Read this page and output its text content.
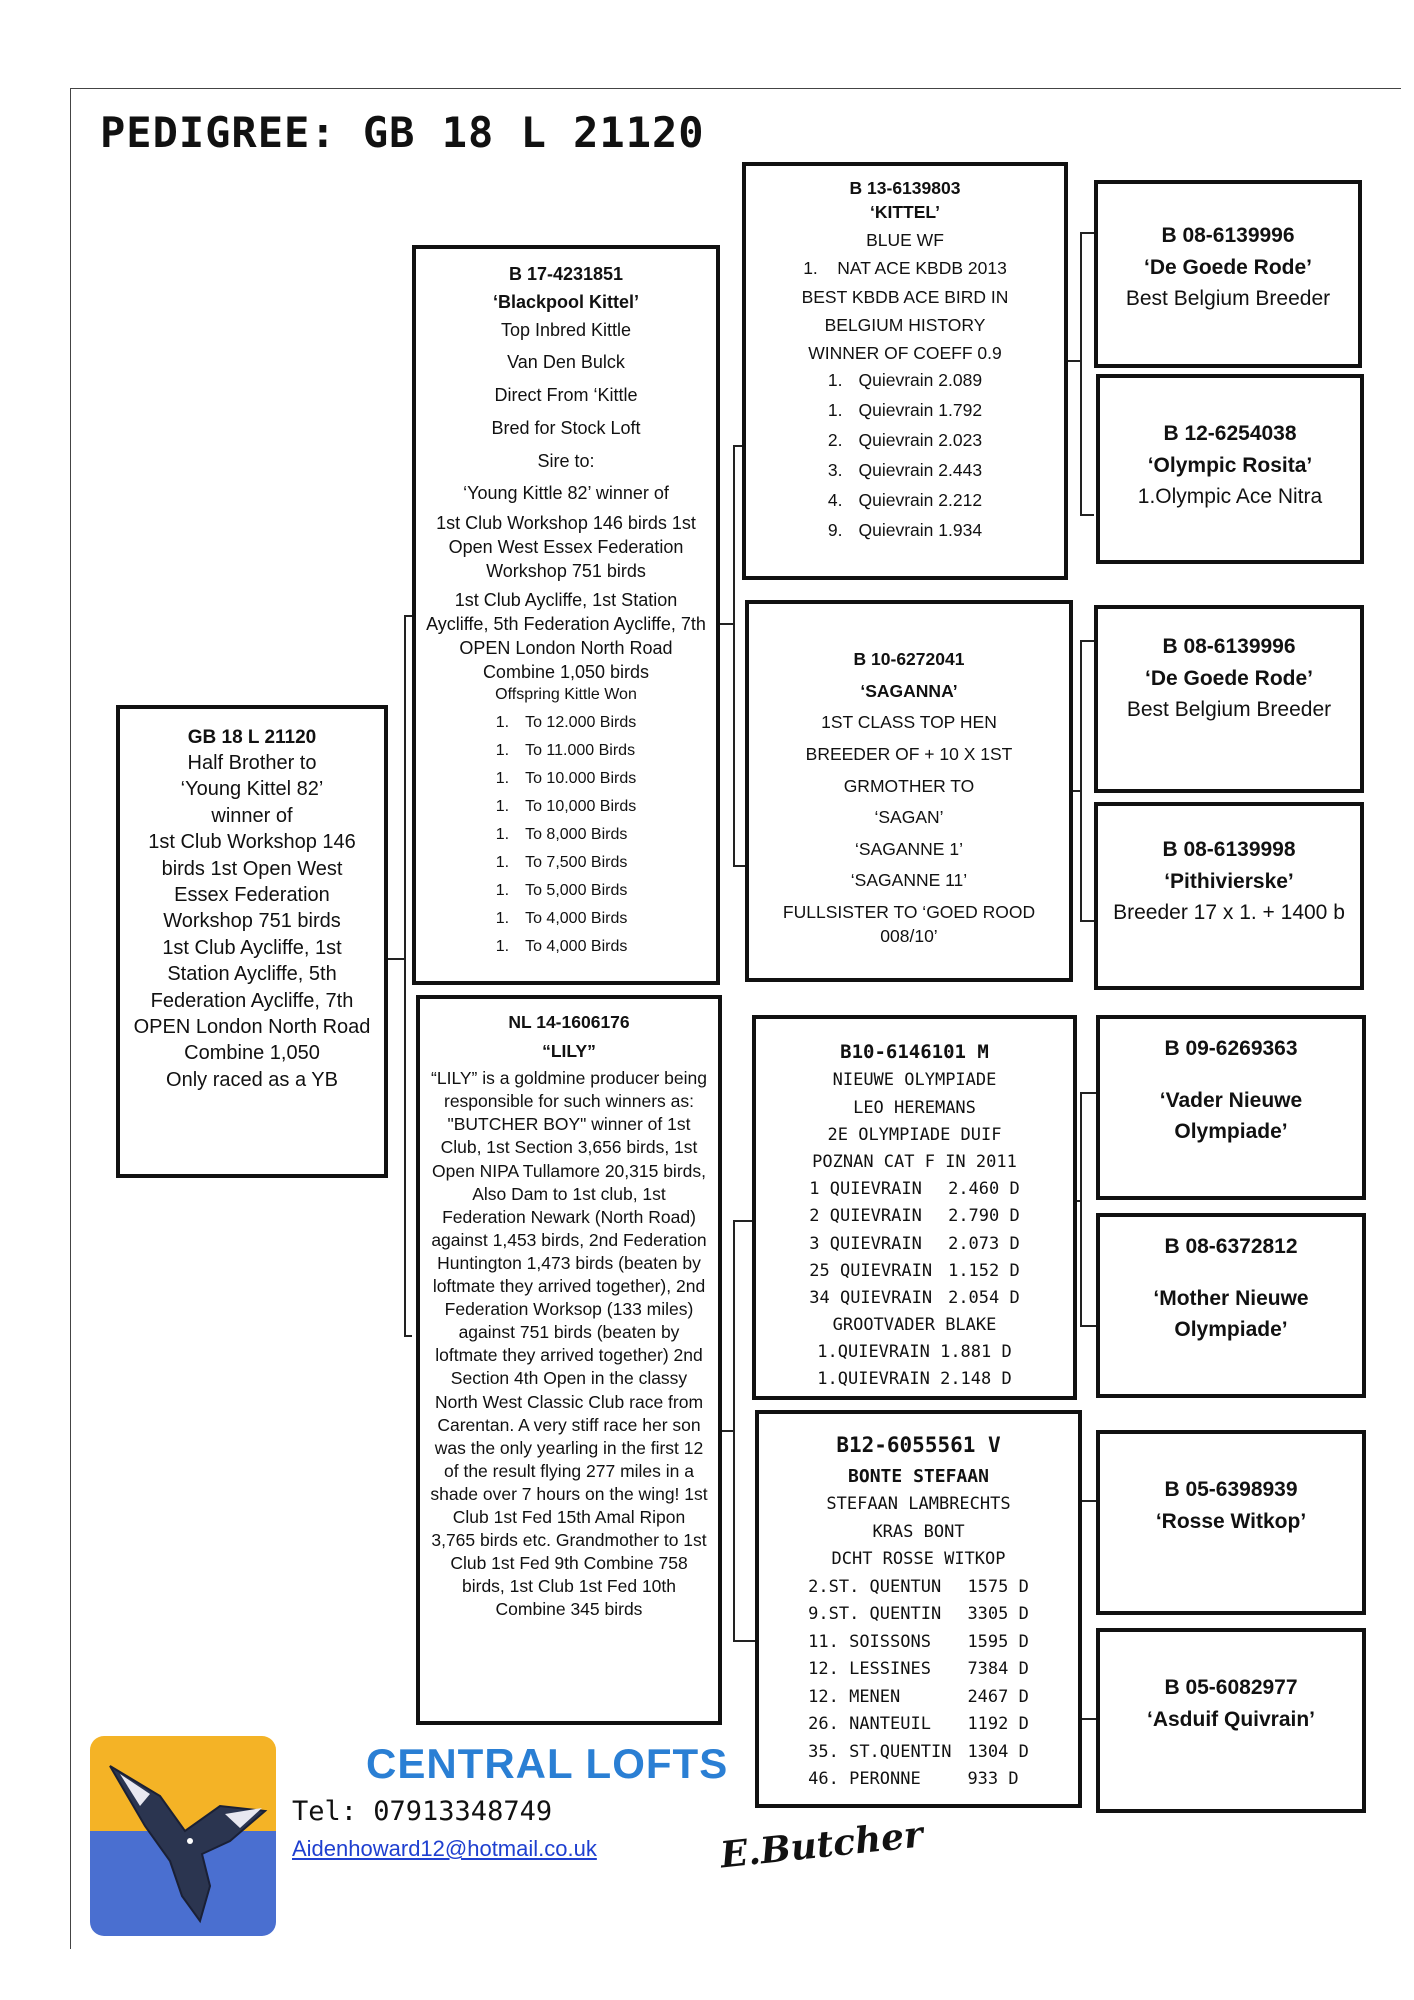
PEDIGREE: GB 18 L 21120
GB 18 L 21120
Half Brother to
‘Young Kittel 82’
winner of
1st Club Workshop 146 birds 1st Open West Essex Federation Workshop 751 birds
1st Club Aycliffe, 1st Station Aycliffe, 5th Federation Aycliffe, 7th OPEN London North Road Combine 1,050
Only raced as a YB
B 17-4231851
‘Blackpool Kittel’
Top Inbred Kittle
Van Den Bulck
Direct From ‘Kittle
Bred for Stock Loft
Sire to:
‘Young Kittle 82’ winner of
1st Club Workshop 146 birds 1st Open West Essex Federation Workshop 751 birds
1st Club Aycliffe, 1st Station Aycliffe, 5th Federation Aycliffe, 7th OPEN London North Road Combine 1,050 birds
Offspring Kittle Won
1.	To 12.000 Birds
1.	To 11.000 Birds
1.	To 10.000 Birds
1.	To 10,000 Birds
1.	To 8,000 Birds
1.	To 7,500 Birds
1.	To 5,000 Birds
1.	To 4,000 Birds
1.	To 4,000 Birds
NL 14-1606176
“LILY”
“LILY” is a goldmine producer being responsible for such winners as: "BUTCHER BOY" winner of 1st Club, 1st Section 3,656 birds, 1st Open NIPA Tullamore 20,315 birds, Also Dam to 1st club, 1st Federation Newark (North Road) against 1,453 birds, 2nd Federation Huntington 1,473 birds (beaten by loftmate they arrived together), 2nd Federation Worksop (133 miles) against 751 birds (beaten by loftmate they arrived together) 2nd Section 4th Open in the classy North West Classic Club race from Carentan. A very stiff race her son was the only yearling in the first 12 of the result flying 277 miles in a shade over 7 hours on the wing! 1st Club 1st Fed 15th Amal Ripon 3,765 birds etc. Grandmother to 1st Club 1st Fed 9th Combine 758 birds, 1st Club 1st Fed 10th Combine 345 birds
B 13-6139803
‘KITTEL’
BLUE WF
1.    NAT ACE KBDB 2013
BEST KBDB ACE BIRD IN
BELGIUM HISTORY
WINNER OF COEFF 0.9
1.	Quievrain 2.089
1.	Quievrain 1.792
2.	Quievrain 2.023
3.	Quievrain 2.443
4.	Quievrain 2.212
9.	Quievrain 1.934
B 10-6272041
‘SAGANNA’
1ST CLASS TOP HEN
BREEDER OF + 10 X 1ST
GRMOTHER TO
‘SAGAN’
‘SAGANNE 1’
‘SAGANNE 11’
FULLSISTER TO ‘GOED ROOD 008/10’
B10-6146101 M
NIEUWE OLYMPIADE
LEO HEREMANS
2E OLYMPIADE DUIF
POZNAN CAT F IN 2011
1 QUIEVRAIN	2.460 D
2 QUIEVRAIN	2.790 D
3 QUIEVRAIN	2.073 D
25 QUIEVRAIN	1.152 D
34 QUIEVRAIN	2.054 D
GROOTVADER BLAKE
1.QUIEVRAIN 1.881 D
1.QUIEVRAIN 2.148 D
B12-6055561 V
BONTE STEFAAN
STEFAAN LAMBRECHTS
KRAS BONT
DCHT ROSSE WITKOP
2.ST. QUENTUN	1575 D
9.ST. QUENTIN	3305 D
11. SOISSONS	1595 D
12. LESSINES	7384 D
12. MENEN	2467 D
26. NANTEUIL	1192 D
35. ST.QUENTIN	1304 D
46. PERONNE	933 D
B 08-6139996
‘De Goede Rode’
Best Belgium Breeder
B 12-6254038
‘Olympic Rosita’
1.Olympic Ace Nitra
B 08-6139996
‘De Goede Rode’
Best Belgium Breeder
B 08-6139998
‘Pithivierske’
Breeder 17 x 1. + 1400 b
B 09-6269363
‘Vader Nieuwe Olympiade’
B 08-6372812
‘Mother Nieuwe Olympiade’
B 05-6398939
‘Rosse Witkop’
B 05-6082977
‘Asduif Quivrain’
CENTRAL LOFTS
Tel: 07913348749
Aidenhoward12@hotmail.co.uk	E.Butcher
